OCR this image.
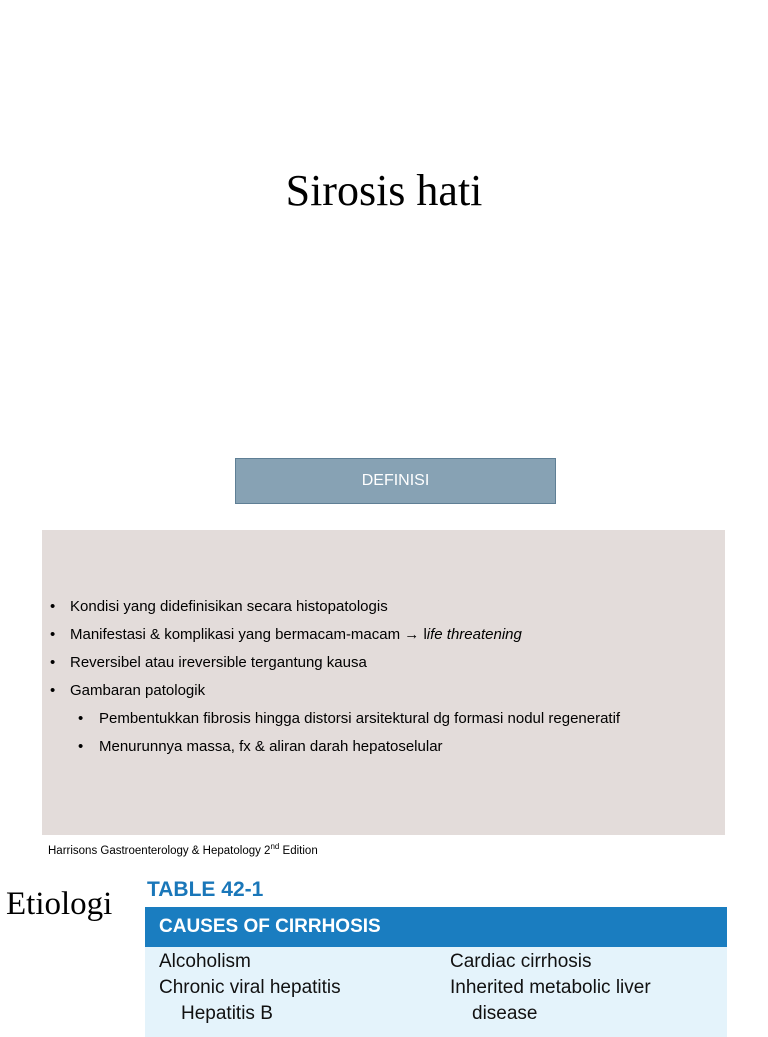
Sirosis hati
DEFINISI
• Kondisi yang didefinisikan secara histopatologis
• Manifestasi & komplikasi yang bermacam-macam → life threatening
• Reversibel atau ireversible tergantung kausa
• Gambaran patologik
• Pembentukkan fibrosis hingga distorsi arsitektural dg formasi nodul regeneratif
• Menurunnya massa, fx & aliran darah hepatoselular
Harrisons Gastroenterology & Hepatology 2nd Edition
Etiologi TABLE 42-1
CAUSES OF CIRRHOSIS
Alcoholism
Chronic viral hepatitis
Hepatitis B
Cardiac cirrhosis
Inherited metabolic liver
disease
